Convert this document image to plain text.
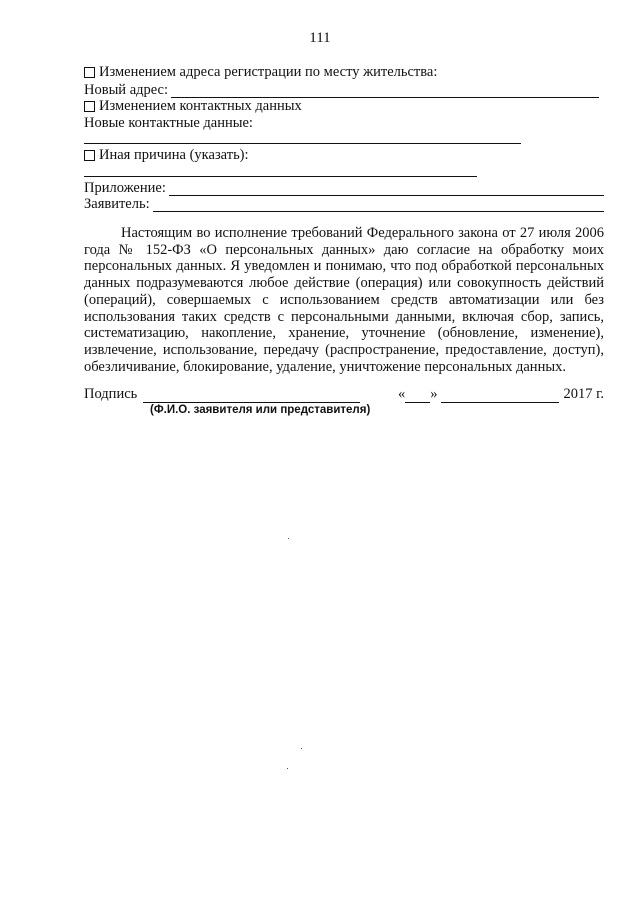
111
Изменением адреса регистрации по месту жительства:
Новый адрес:
Изменением контактных данных
Новые контактные данные:
Иная причина (указать):
Приложение:
Заявитель:

Настоящим во исполнение требований Федерального закона от 27 июля 2006 года № 152-ФЗ «О персональных данных» даю согласие на обработку моих персональных данных. Я уведомлен и понимаю, что под обработкой персональных данных подразумеваются любое действие (операция) или совокупность действий (операций), совершаемых с использованием средств автоматизации или без использования таких средств с персональными данными, включая сбор, запись, систематизацию, накопление, хранение, уточнение (обновление, изменение), извлечение, использование, передачу (распространение, предоставление, доступ), обезличивание, блокирование, удаление, уничтожение персональных данных.

Подпись	« »	2017 г.
(Ф.И.О. заявителя или представителя)
